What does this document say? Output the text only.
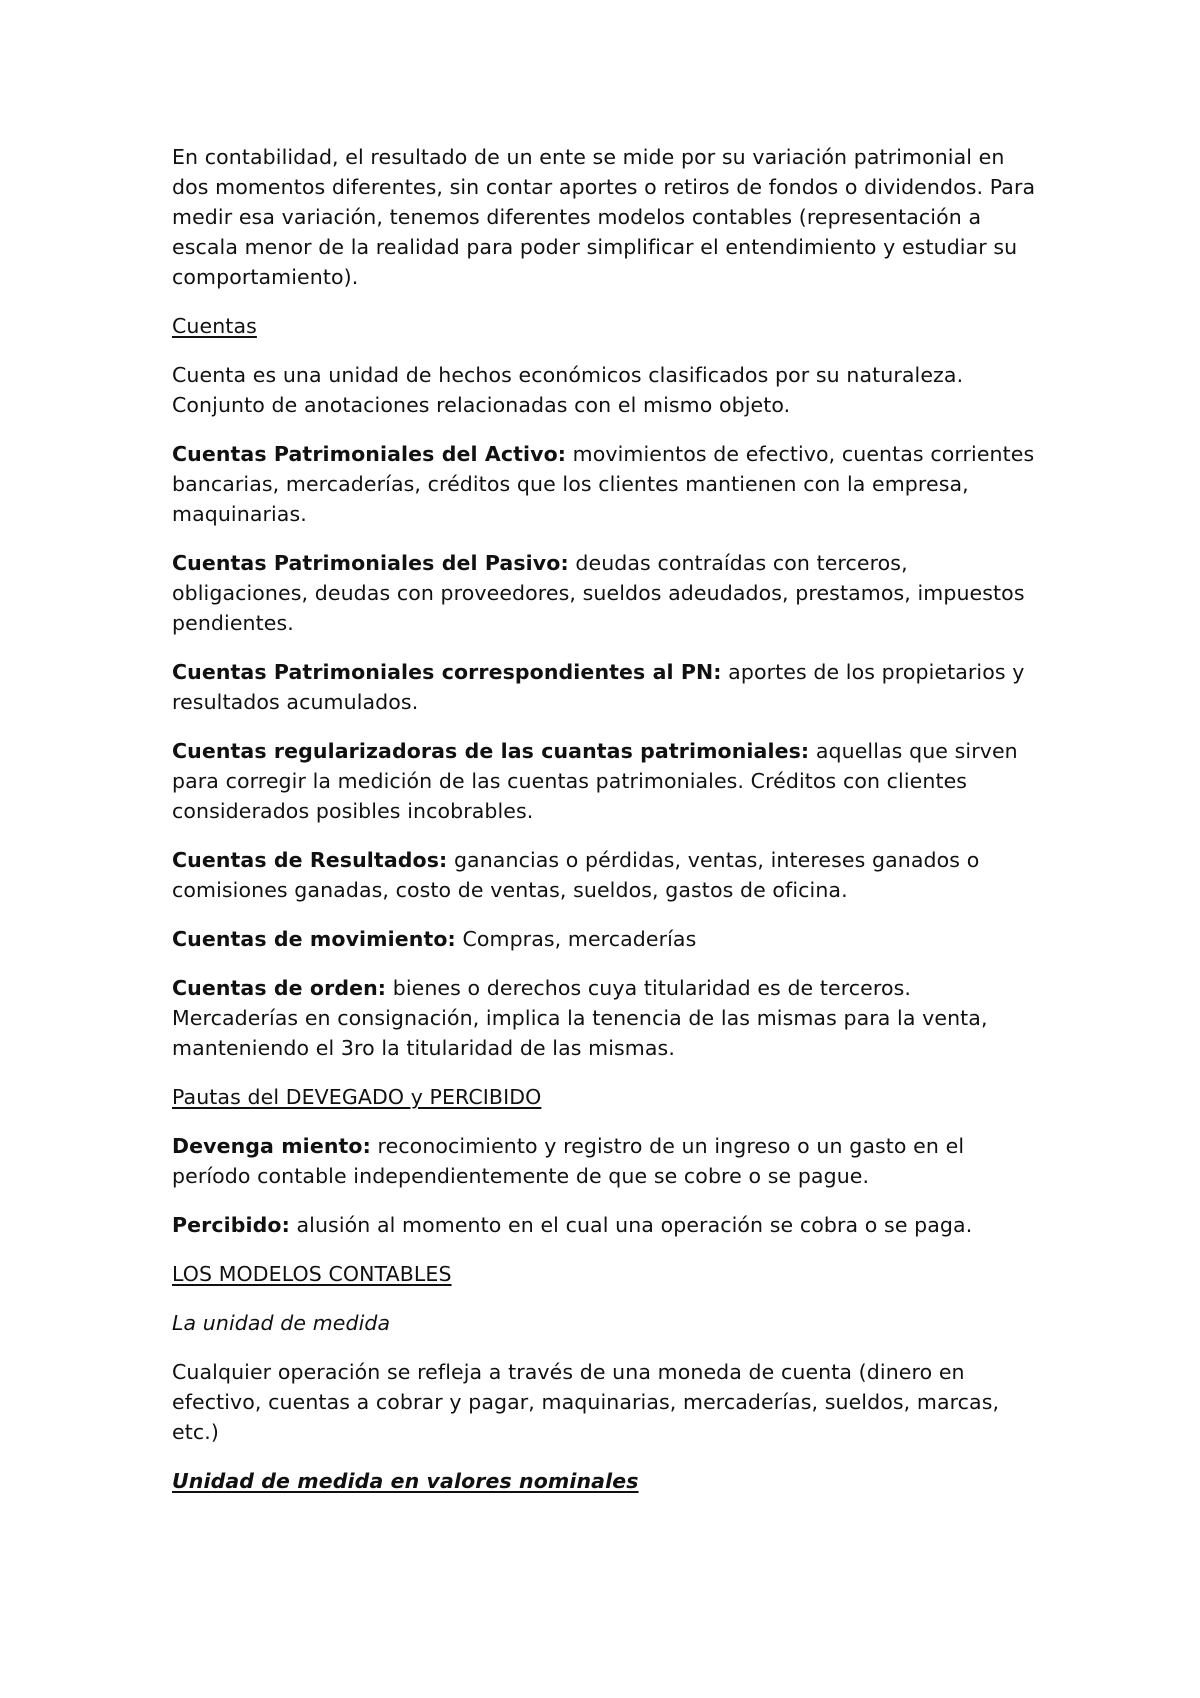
En contabilidad, el resultado de un ente se mide por su variación patrimonial en dos momentos diferentes, sin contar aportes o retiros de fondos o dividendos. Para medir esa variación, tenemos diferentes modelos contables (representación a escala menor de la realidad para poder simplificar el entendimiento y estudiar su comportamiento).

Cuentas

Cuenta es una unidad de hechos económicos clasificados por su naturaleza. Conjunto de anotaciones relacionadas con el mismo objeto.

Cuentas Patrimoniales del Activo: movimientos de efectivo, cuentas corrientes bancarias, mercaderías, créditos que los clientes mantienen con la empresa, maquinarias.

Cuentas Patrimoniales del Pasivo: deudas contraídas con terceros, obligaciones, deudas con proveedores, sueldos adeudados, prestamos, impuestos pendientes.

Cuentas Patrimoniales correspondientes al PN: aportes de los propietarios y resultados acumulados.

Cuentas regularizadoras de las cuantas patrimoniales: aquellas que sirven para corregir la medición de las cuentas patrimoniales. Créditos con clientes considerados posibles incobrables.

Cuentas de Resultados: ganancias o pérdidas, ventas, intereses ganados o comisiones ganadas, costo de ventas, sueldos, gastos de oficina.

Cuentas de movimiento: Compras, mercaderías

Cuentas de orden: bienes o derechos cuya titularidad es de terceros. Mercaderías en consignación, implica la tenencia de las mismas para la venta, manteniendo el 3ro la titularidad de las mismas.

Pautas del DEVEGADO y PERCIBIDO

Devenga miento: reconocimiento y registro de un ingreso o un gasto en el período contable independientemente de que se cobre o se pague.

Percibido: alusión al momento en el cual una operación se cobra o se paga.

LOS MODELOS CONTABLES

La unidad de medida

Cualquier operación se refleja a través de una moneda de cuenta (dinero en efectivo, cuentas a cobrar y pagar, maquinarias, mercaderías, sueldos, marcas, etc.)

Unidad de medida en valores nominales
